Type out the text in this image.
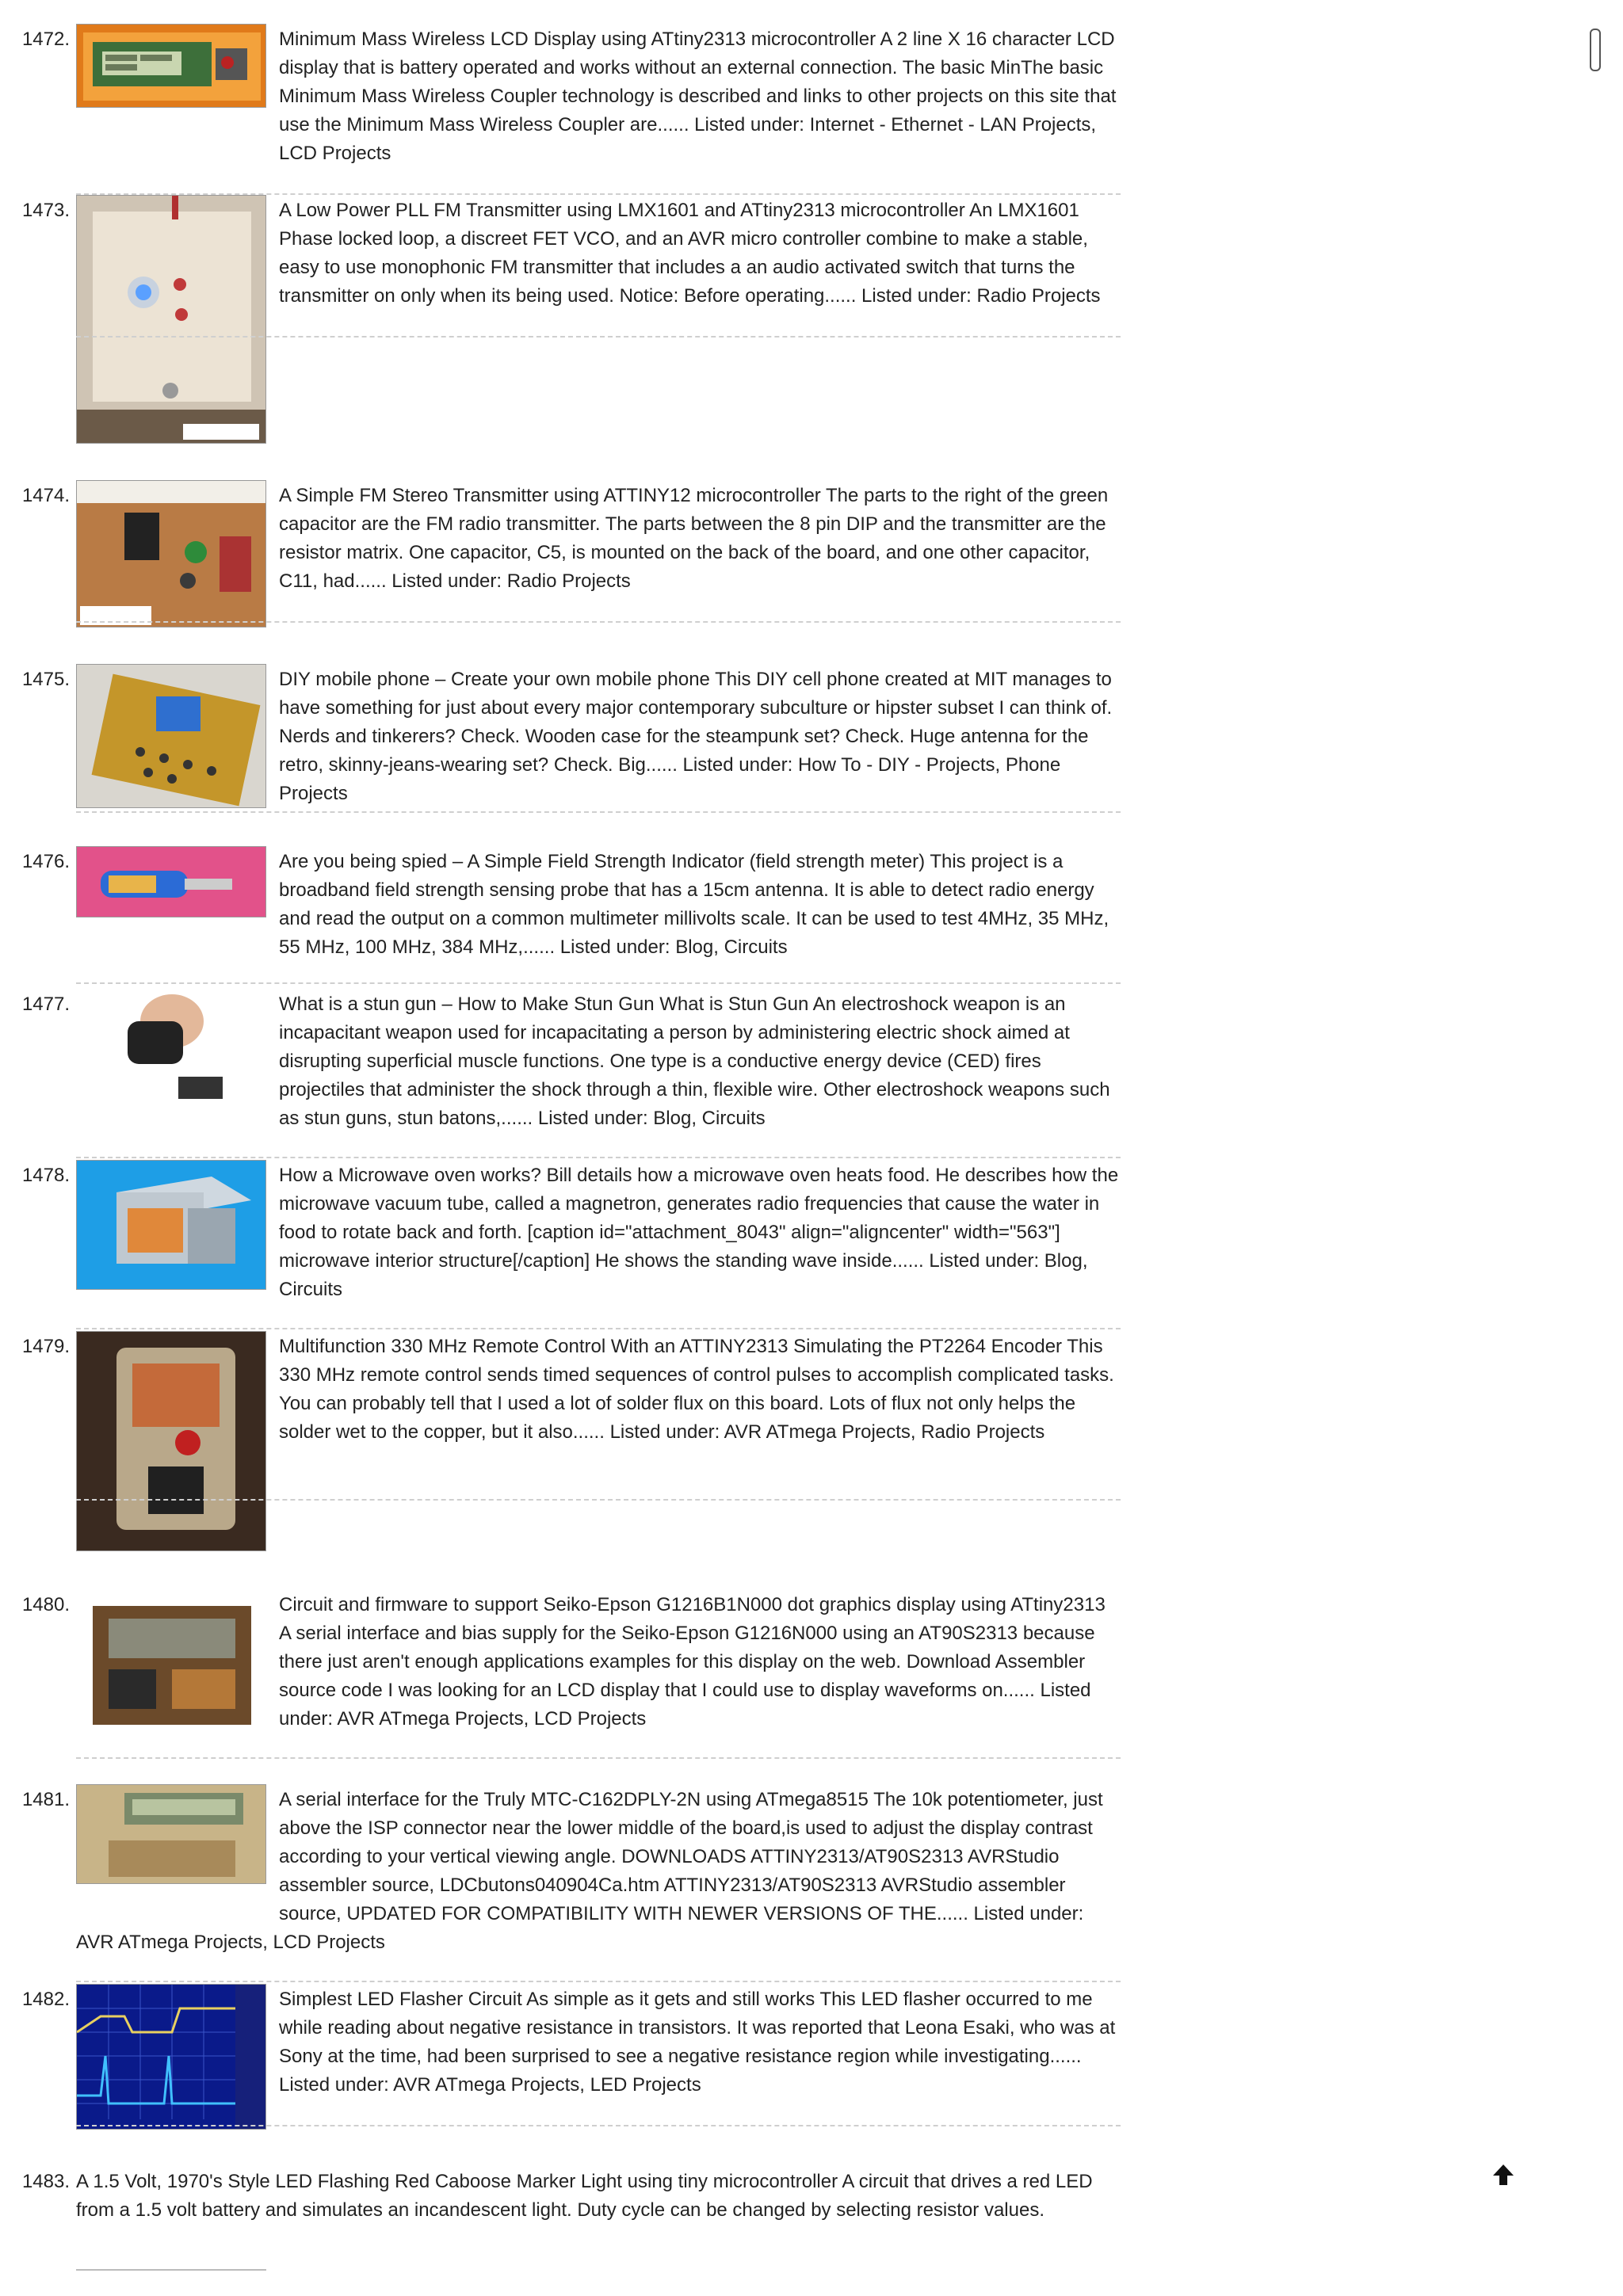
1472.	Minimum Mass Wireless LCD Display using ATtiny2313 microcontroller A 2 line X 16 character LCD display that is battery operated and works without an external connection. The basic MinThe basic Minimum Mass Wireless Coupler technology is described and links to other projects on this site that use the Minimum Mass Wireless Coupler are...... Listed under: Internet - Ethernet - LAN Projects, LCD Projects
1473.	A Low Power PLL FM Transmitter using LMX1601 and ATtiny2313 microcontroller An LMX1601 Phase locked loop, a discreet FET VCO, and an AVR micro controller combine to make a stable, easy to use monophonic FM transmitter that includes a an audio activated switch that turns the transmitter on only when its being used. Notice: Before operating...... Listed under: Radio Projects
1474.	A Simple FM Stereo Transmitter using ATTINY12 microcontroller The parts to the right of the green capacitor are the FM radio transmitter. The parts between the 8 pin DIP and the transmitter are the resistor matrix. One capacitor, C5, is mounted on the back of the board, and one other capacitor, C11, had...... Listed under: Radio Projects
1475.	DIY mobile phone – Create your own mobile phone This DIY cell phone created at MIT manages to have something for just about every major contemporary subculture or hipster subset I can think of. Nerds and tinkerers? Check. Wooden case for the steampunk set? Check. Huge antenna for the retro, skinny-jeans-wearing set? Check. Big...... Listed under: How To - DIY - Projects, Phone Projects
1476.	Are you being spied – A Simple Field Strength Indicator (field strength meter) This project is a broadband field strength sensing probe that has a 15cm antenna. It is able to detect radio energy and read the output on a common multimeter millivolts scale. It can be used to test 4MHz, 35 MHz, 55 MHz, 100 MHz, 384 MHz,...... Listed under: Blog, Circuits
1477.	What is a stun gun – How to Make Stun Gun What is Stun Gun An electroshock weapon is an incapacitant weapon used for incapacitating a person by administering electric shock aimed at disrupting superficial muscle functions. One type is a conductive energy device (CED) fires projectiles that administer the shock through a thin, flexible wire. Other electroshock weapons such as stun guns, stun batons,...... Listed under: Blog, Circuits
1478.	How a Microwave oven works? Bill details how a microwave oven heats food. He describes how the microwave vacuum tube, called a magnetron, generates radio frequencies that cause the water in food to rotate back and forth. [caption id="attachment_8043" align="aligncenter" width="563"] microwave interior structure[/caption] He shows the standing wave inside...... Listed under: Blog, Circuits
1479.	Multifunction 330 MHz Remote Control With an ATTINY2313 Simulating the PT2264 Encoder This 330 MHz remote control sends timed sequences of control pulses to accomplish complicated tasks. You can probably tell that I used a lot of solder flux on this board. Lots of flux not only helps the solder wet to the copper, but it also...... Listed under: AVR ATmega Projects, Radio Projects
1480.	Circuit and firmware to support Seiko-Epson G1216B1N000 dot graphics display using ATtiny2313 A serial interface and bias supply for the Seiko-Epson G1216N000 using an AT90S2313 because there just aren't enough applications examples for this display on the web. Download Assembler source code I was looking for an LCD display that I could use to display waveforms on...... Listed under: AVR ATmega Projects, LCD Projects
1481.	A serial interface for the Truly MTC-C162DPLY-2N using ATmega8515 The 10k potentiometer, just above the ISP connector near the lower middle of the board,is used to adjust the display contrast according to your vertical viewing angle. DOWNLOADS ATTINY2313/AT90S2313 AVRStudio assembler source, LDCbutons040904Ca.htm ATTINY2313/AT90S2313 AVRStudio assembler source, UPDATED FOR COMPATIBILITY WITH NEWER VERSIONS OF THE...... Listed under:
AVR ATmega Projects, LCD Projects
1482.	Simplest LED Flasher Circuit As simple as it gets and still works This LED flasher occurred to me while reading about negative resistance in transistors. It was reported that Leona Esaki, who was at Sony at the time, had been surprised to see a negative resistance region while investigating...... Listed under: AVR ATmega Projects, LED Projects
1483. A 1.5 Volt, 1970's Style LED Flashing Red Caboose Marker Light using tiny microcontroller A circuit that drives a red LED from a 1.5 volt battery and simulates an incandescent light. Duty cycle can be changed by selecting resistor values.
